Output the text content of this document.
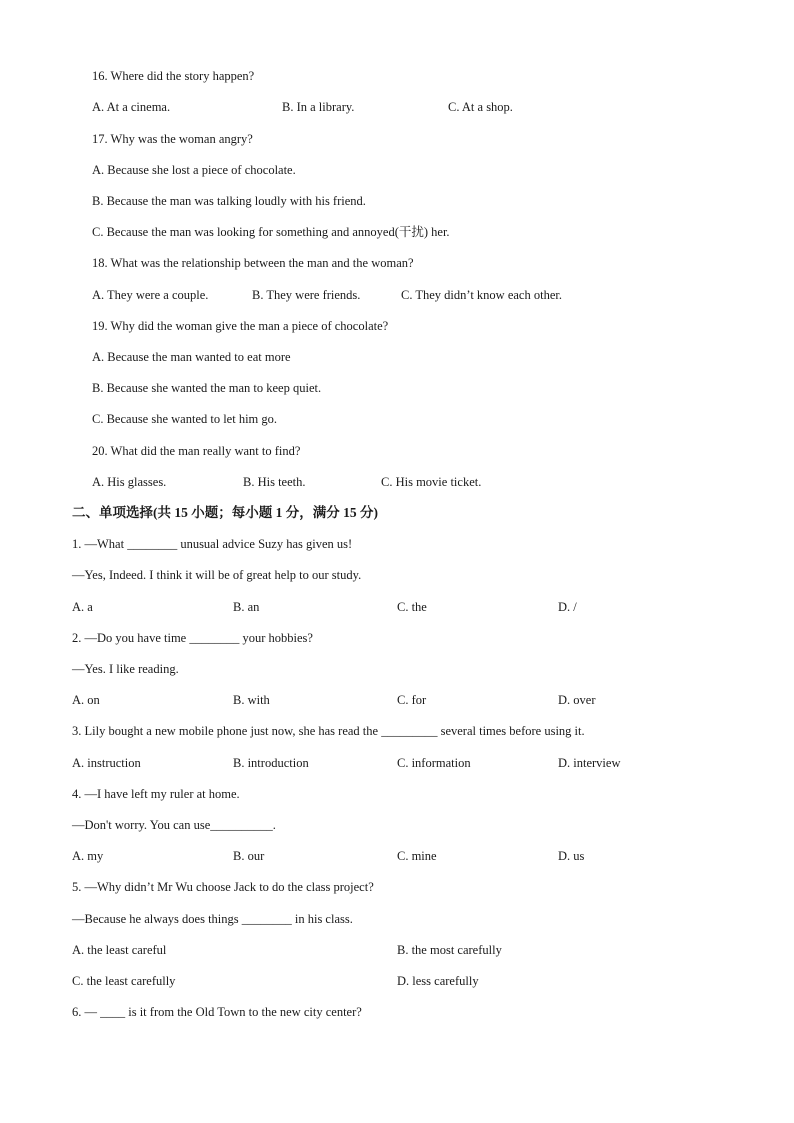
16. Where did the story happen?
A. At a cinema.	B. In a library.	C. At a shop.
17. Why was the woman angry?
A. Because she lost a piece of chocolate.
B. Because the man was talking loudly with his friend.
C. Because the man was looking for something and annoyed(干扰) her.
18. What was the relationship between the man and the woman?
A. They were a couple.	B. They were friends.	C. They didn’t know each other.
19. Why did the woman give the man a piece of chocolate?
A. Because the man wanted to eat more
B. Because she wanted the man to keep quiet.
C. Because she wanted to let him go.
20. What did the man really want to find?
A. His glasses.	B. His teeth.	C. His movie ticket.
二、单项选择(共 15 小题；每小题 1 分，满分 15 分)
1. —What ________ unusual advice Suzy has given us!
—Yes, Indeed. I think it will be of great help to our study.
A. a	B. an	C. the	D. /
2. —Do you have time ________ your hobbies?
—Yes. I like reading.
A. on	B. with	C. for	D. over
3. Lily bought a new mobile phone just now, she has read the _________ several times before using it.
A. instruction	B. introduction	C. information	D. interview
4. —I have left my ruler at home.
—Don't worry. You can use__________.
A. my	B. our	C. mine	D. us
5. —Why didn’t Mr Wu choose Jack to do the class project?
—Because he always does things ________ in his class.
A. the least careful	B. the most carefully
C. the least carefully	D. less carefully
6. — ____ is it from the Old Town to the new city center?
